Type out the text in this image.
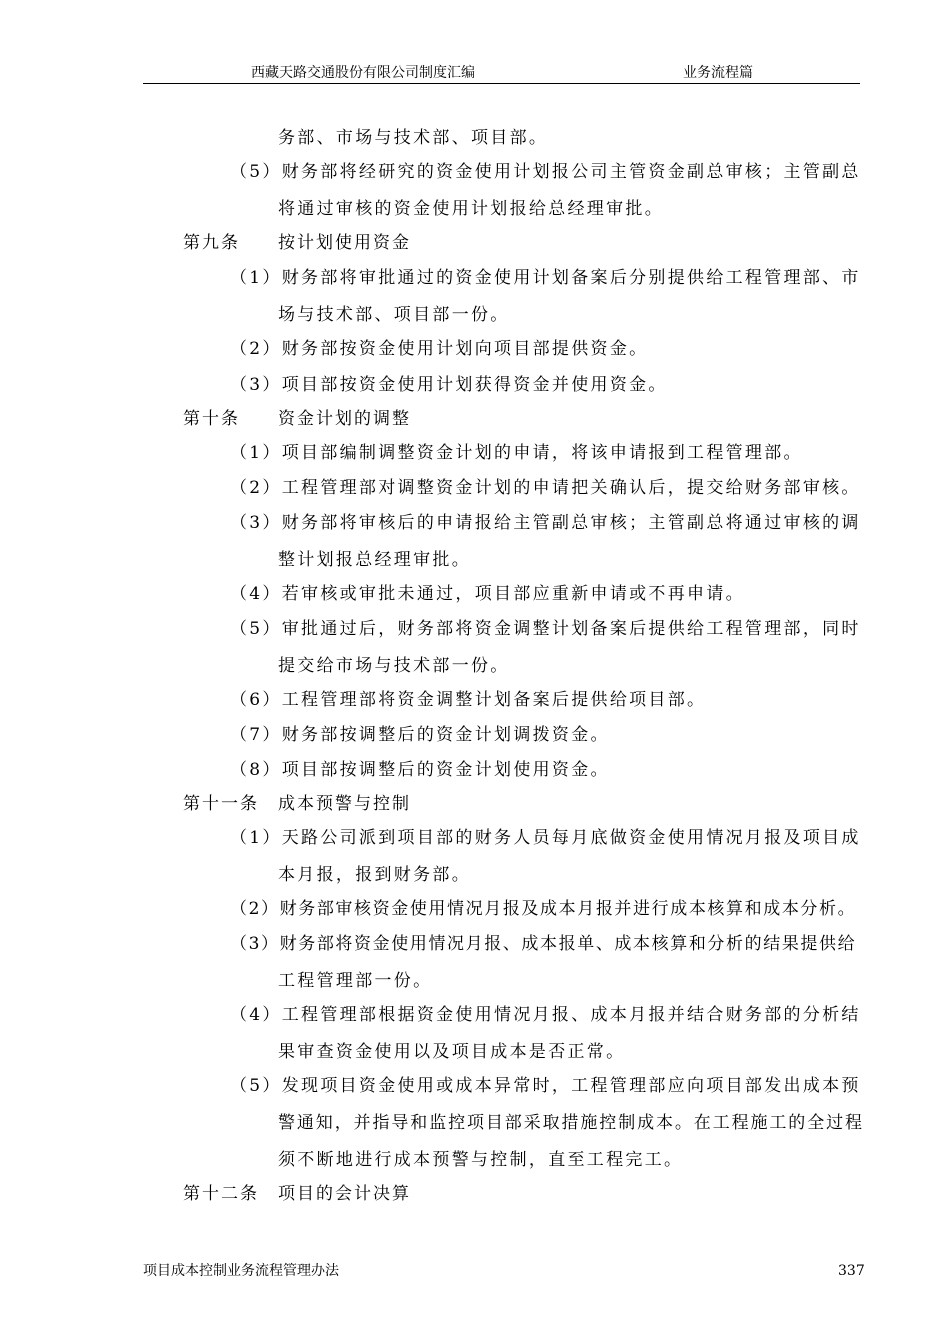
西藏天路交通股份有限公司制度汇编	业务流程篇
务部、市场与技术部、项目部。
（5）财务部将经研究的资金使用计划报公司主管资金副总审核；主管副总
将通过审核的资金使用计划报给总经理审批。
第九条 按计划使用资金
（1）财务部将审批通过的资金使用计划备案后分别提供给工程管理部、市
场与技术部、项目部一份。
（2）财务部按资金使用计划向项目部提供资金。
（3）项目部按资金使用计划获得资金并使用资金。
第十条 资金计划的调整
（1）项目部编制调整资金计划的申请，将该申请报到工程管理部。
（2）工程管理部对调整资金计划的申请把关确认后，提交给财务部审核。
（3）财务部将审核后的申请报给主管副总审核；主管副总将通过审核的调
整计划报总经理审批。
（4）若审核或审批未通过，项目部应重新申请或不再申请。
（5）审批通过后，财务部将资金调整计划备案后提供给工程管理部，同时
提交给市场与技术部一份。
（6）工程管理部将资金调整计划备案后提供给项目部。
（7）财务部按调整后的资金计划调拨资金。
（8）项目部按调整后的资金计划使用资金。
第十一条 成本预警与控制
（1）天路公司派到项目部的财务人员每月底做资金使用情况月报及项目成
本月报，报到财务部。
（2）财务部审核资金使用情况月报及成本月报并进行成本核算和成本分析。
（3）财务部将资金使用情况月报、成本报单、成本核算和分析的结果提供给
工程管理部一份。
（4）工程管理部根据资金使用情况月报、成本月报并结合财务部的分析结
果审查资金使用以及项目成本是否正常。
（5）发现项目资金使用或成本异常时，工程管理部应向项目部发出成本预
警通知，并指导和监控项目部采取措施控制成本。在工程施工的全过程
须不断地进行成本预警与控制，直至工程完工。
第十二条 项目的会计决算
项目成本控制业务流程管理办法	337
